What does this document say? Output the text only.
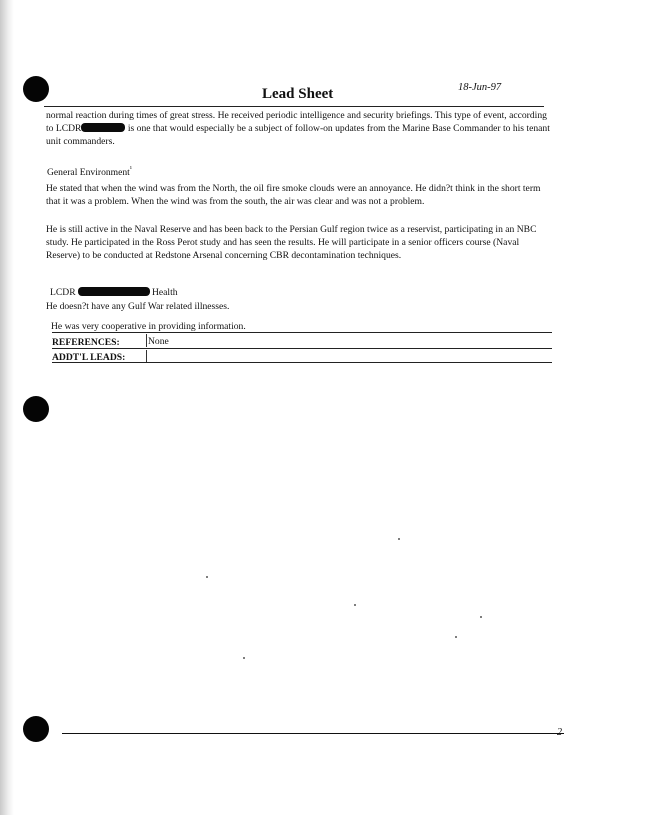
Lead Sheet	18-Jun-97

normal reaction during times of great stress. He received periodic intelligence and security briefings. This type of event, according to LCDR	is one that would especially be a subject of follow-on updates from the Marine Base Commander to his tenant unit commanders.

General Environment$^{^1}$

He stated that when the wind was from the North, the oil fire smoke clouds were an annoyance. He didn?t think in the short term that it was a problem. When the wind was from the south, the air was clear and was not a problem.

He is still active in the Naval Reserve and has been back to the Persian Gulf region twice as a reservist, participating in an NBC study. He participated in the Ross Perot study and has seen the results. He will participate in a senior officers course (Naval Reserve) to be conducted at Redstone Arsenal concerning CBR decontamination techniques.

LCDR	Health

He doesn?t have any Gulf War related illnesses.

He was very cooperative in providing information.
REFERENCES:	None
ADDT'L LEADS:
2
